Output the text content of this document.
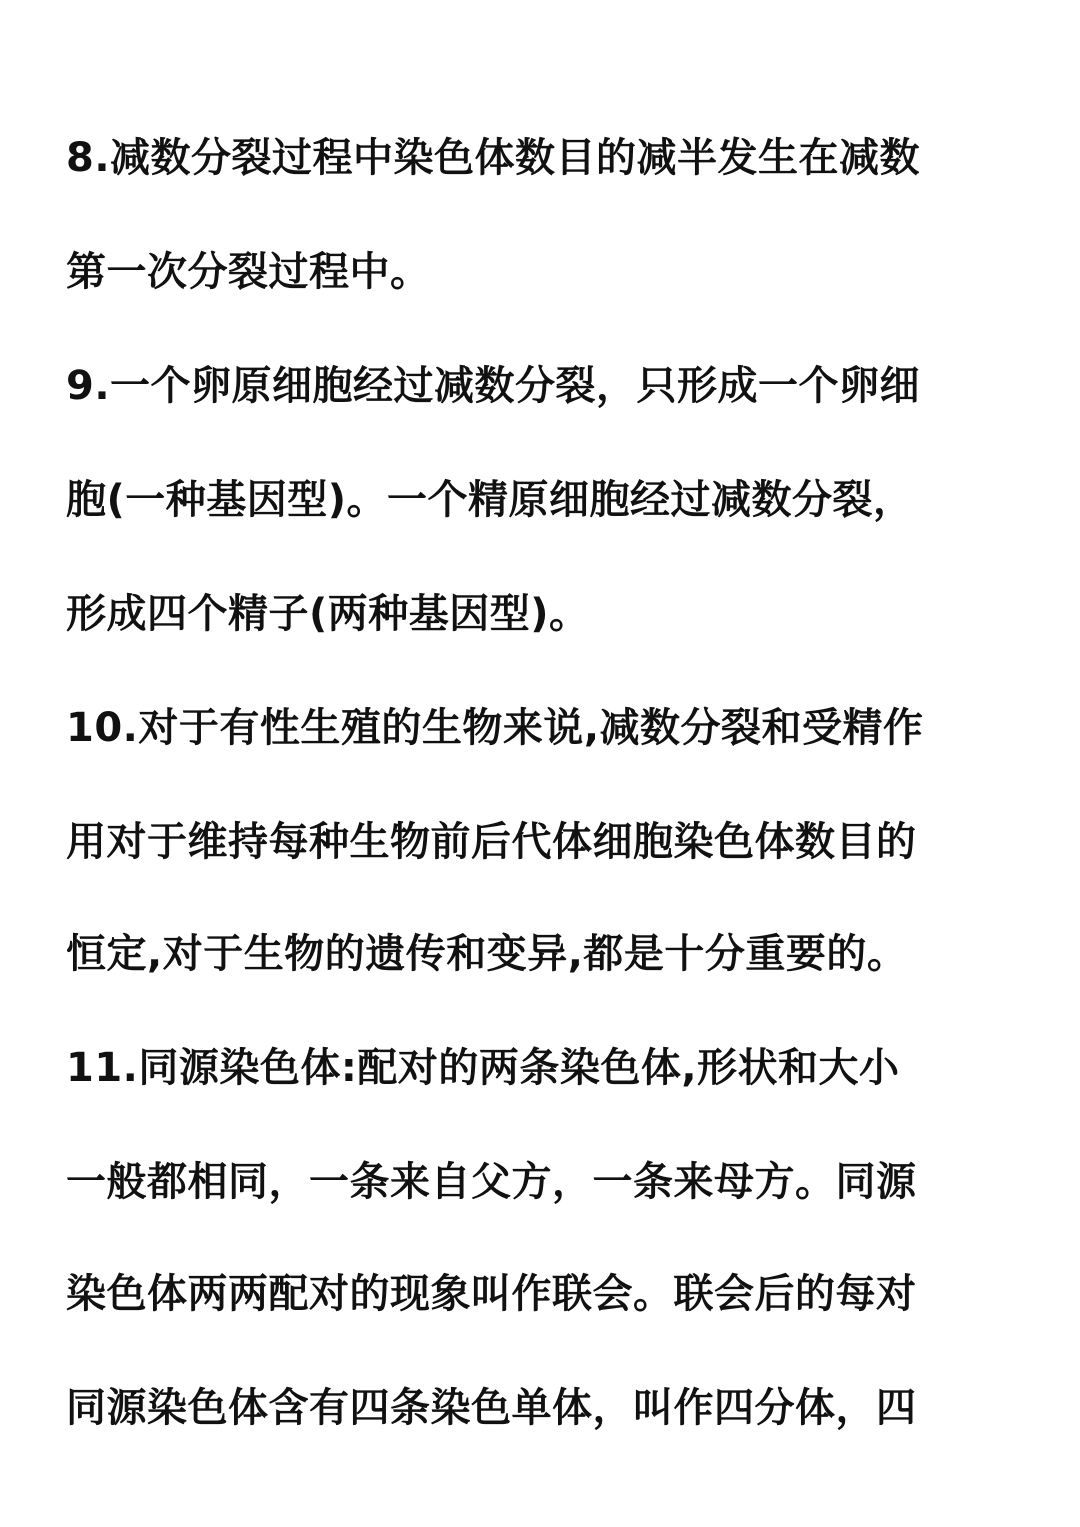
8.减数分裂过程中染色体数目的减半发生在减数
第一次分裂过程中。
9.一个卵原细胞经过减数分裂，只形成一个卵细
胞(一种基因型)。一个精原细胞经过减数分裂，
形成四个精子(两种基因型)。
10.对于有性生殖的生物来说,减数分裂和受精作
用对于维持每种生物前后代体细胞染色体数目的
恒定,对于生物的遗传和变异,都是十分重要的。
11.同源染色体:配对的两条染色体,形状和大小
一般都相同，一条来自父方，一条来母方。同源
染色体两两配对的现象叫作联会。联会后的每对
同源染色体含有四条染色单体，叫作四分体，四
